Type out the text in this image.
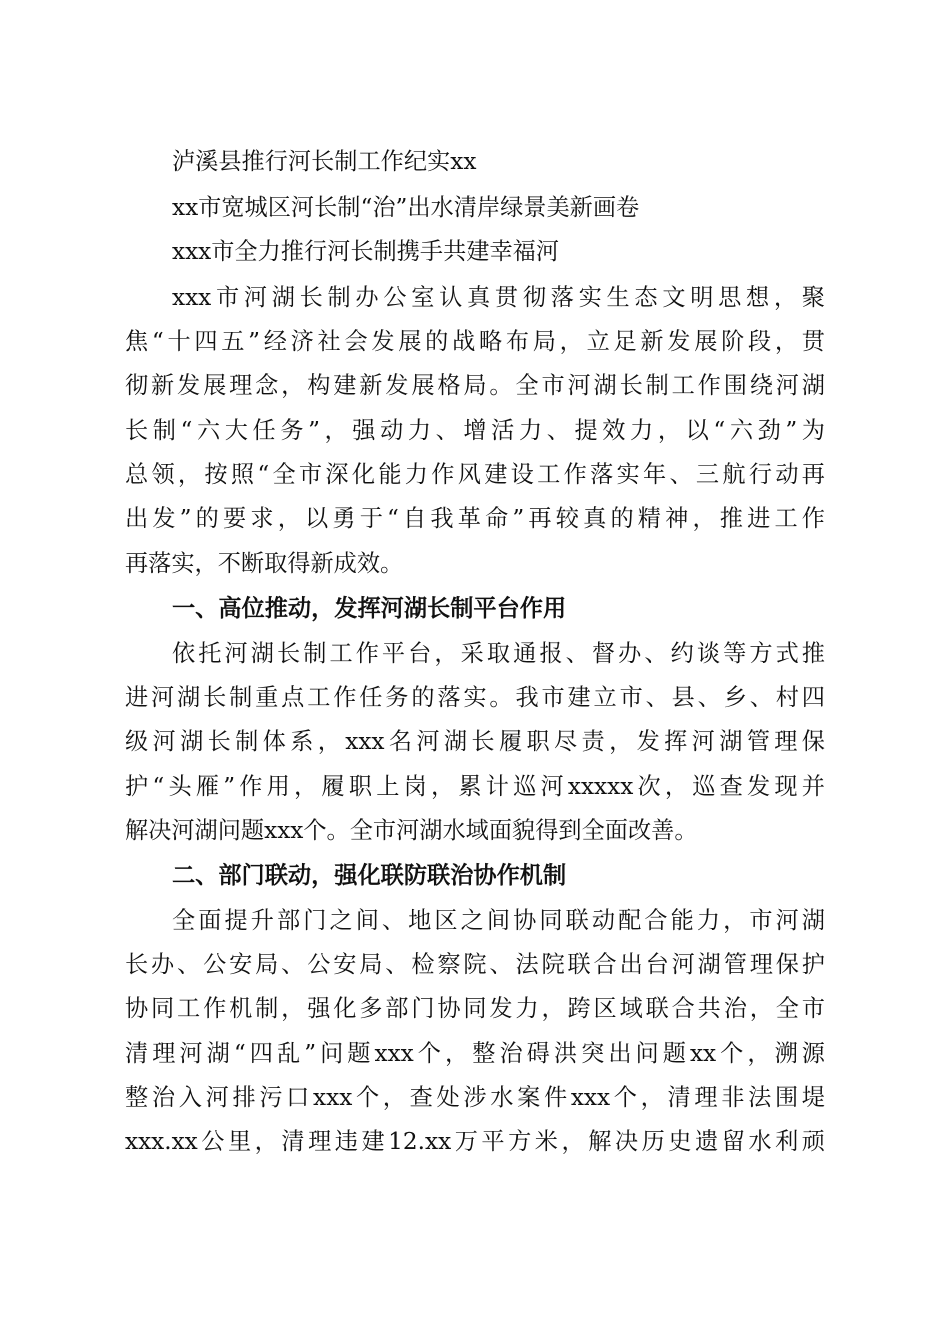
泸溪县推行河长制工作纪实xx
xx市宽城区河长制“治”出水清岸绿景美新画卷
xxx市全力推行河长制携手共建幸福河
xxx市河湖长制办公室认真贯彻落实生态文明思想，聚
焦“十四五”经济社会发展的战略布局，立足新发展阶段，贯
彻新发展理念，构建新发展格局。全市河湖长制工作围绕河湖
长制“六大任务”，强动力、增活力、提效力，以“六劲”为
总领，按照“全市深化能力作风建设工作落实年、三航行动再
出发”的要求，以勇于“自我革命”再较真的精神，推进工作
再落实，不断取得新成效。
一、高位推动，发挥河湖长制平台作用
依托河湖长制工作平台，采取通报、督办、约谈等方式推
进河湖长制重点工作任务的落实。我市建立市、县、乡、村四
级河湖长制体系，xxx名河湖长履职尽责，发挥河湖管理保
护“头雁”作用，履职上岗，累计巡河xxxxx次，巡查发现并
解决河湖问题xxx个。全市河湖水域面貌得到全面改善。
二、部门联动，强化联防联治协作机制
全面提升部门之间、地区之间协同联动配合能力，市河湖
长办、公安局、公安局、检察院、法院联合出台河湖管理保护
协同工作机制，强化多部门协同发力，跨区域联合共治，全市
清理河湖“四乱”问题xxx个，整治碍洪突出问题xx个，溯源
整治入河排污口xxx个，查处涉水案件xxx个，清理非法围堤
xxx.xx公里，清理违建12.xx万平方米，解决历史遗留水利顽
